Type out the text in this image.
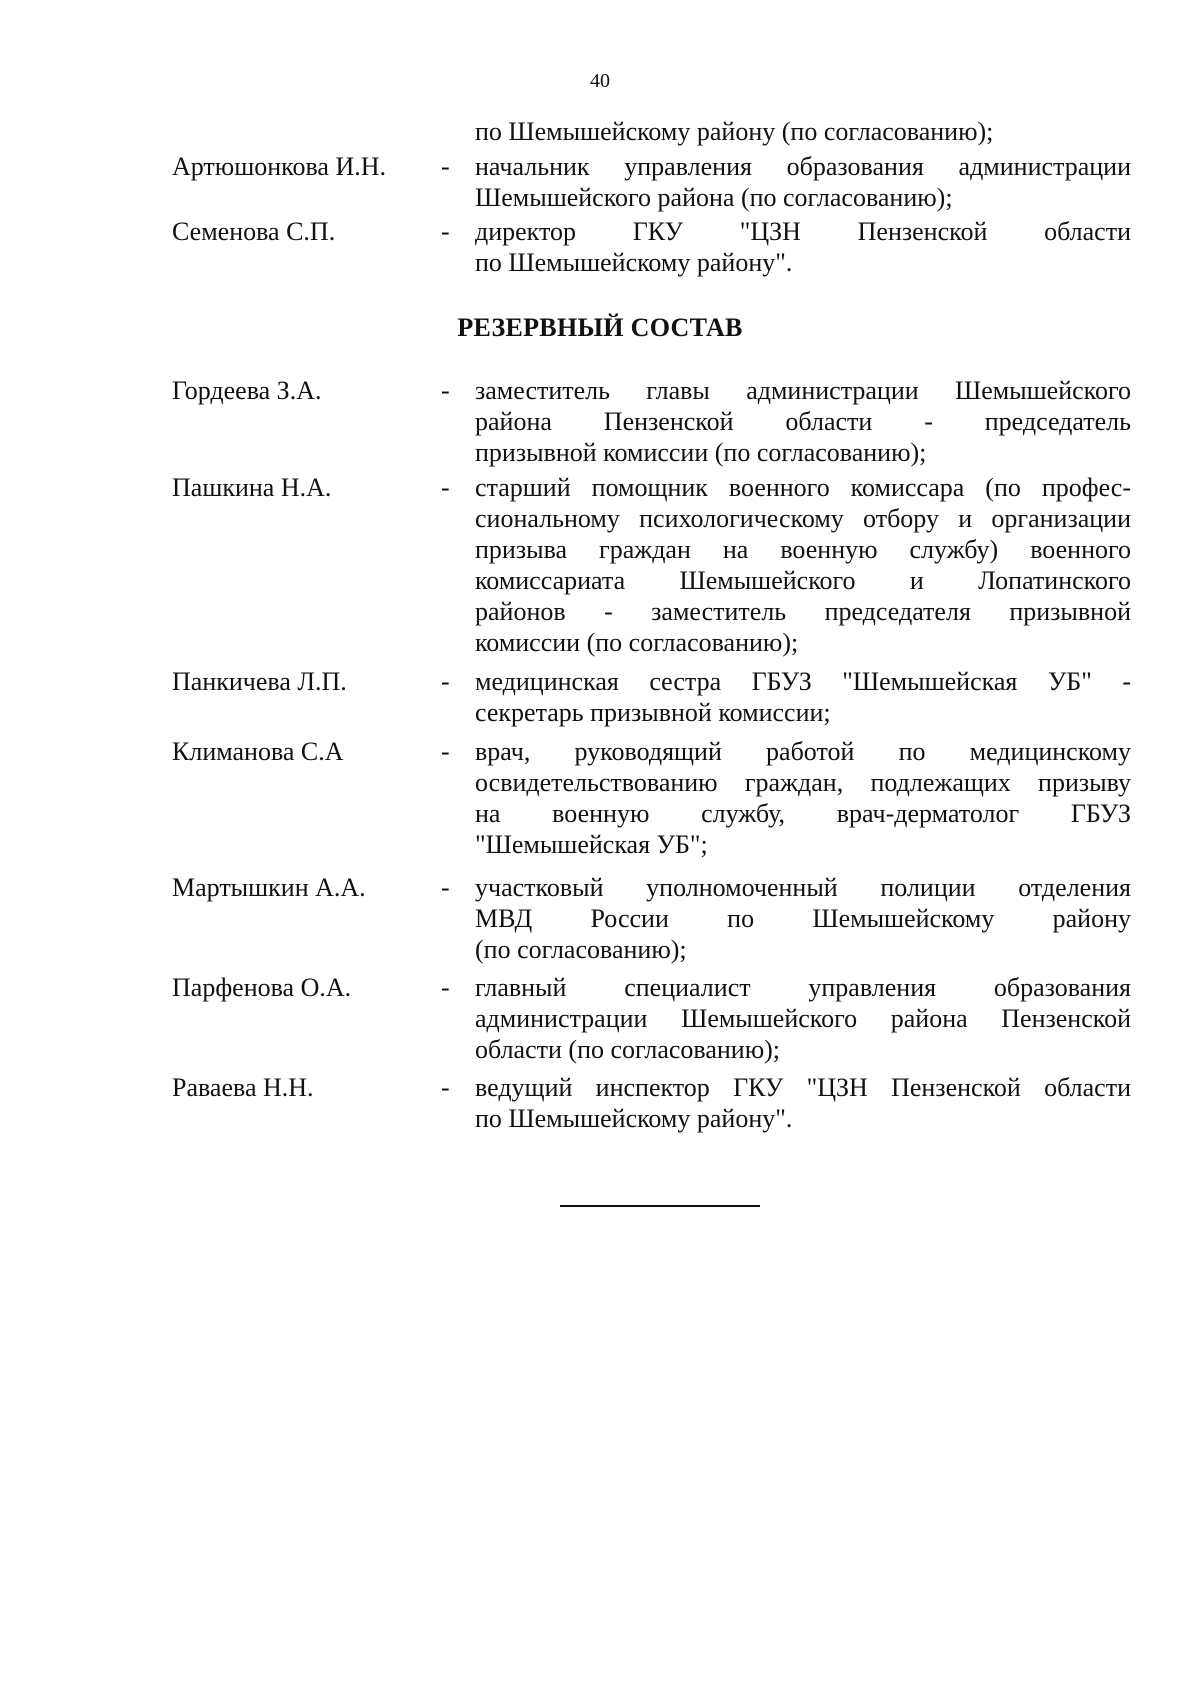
40
по Шемышейскому району (по согласованию);
Артюшонкова И.Н. - начальник управления образования администрации
Шемышейского района (по согласованию);
Семенова С.П.	- директор ГКУ "ЦЗН Пензенской области
по Шемышейскому району".
РЕЗЕРВНЫЙ СОСТАВ
Гордеева З.А.	- заместитель главы администрации Шемышейского
района Пензенской области - председатель
призывной комиссии (по согласованию);
Пашкина Н.А.	- старший помощник военного комиссара (по профес-
сиональному психологическому отбору и организации
призыва граждан на военную службу) военного
комиссариата Шемышейского и Лопатинского
районов - заместитель председателя призывной
комиссии (по согласованию);
Панкичева Л.П.	- медицинская сестра ГБУЗ "Шемышейская УБ" -
секретарь призывной комиссии;
Климанова С.А	- врач, руководящий работой по медицинскому
освидетельствованию граждан, подлежащих призыву
на военную службу, врач-дерматолог ГБУЗ
"Шемышейская УБ";
Мартышкин А.А.	- участковый уполномоченный полиции отделения
МВД России по Шемышейскому району
(по согласованию);
Парфенова О.А.	- главный специалист управления образования
администрации Шемышейского района Пензенской
области (по согласованию);
Раваева Н.Н.	- ведущий инспектор ГКУ "ЦЗН Пензенской области
по Шемышейскому району".
